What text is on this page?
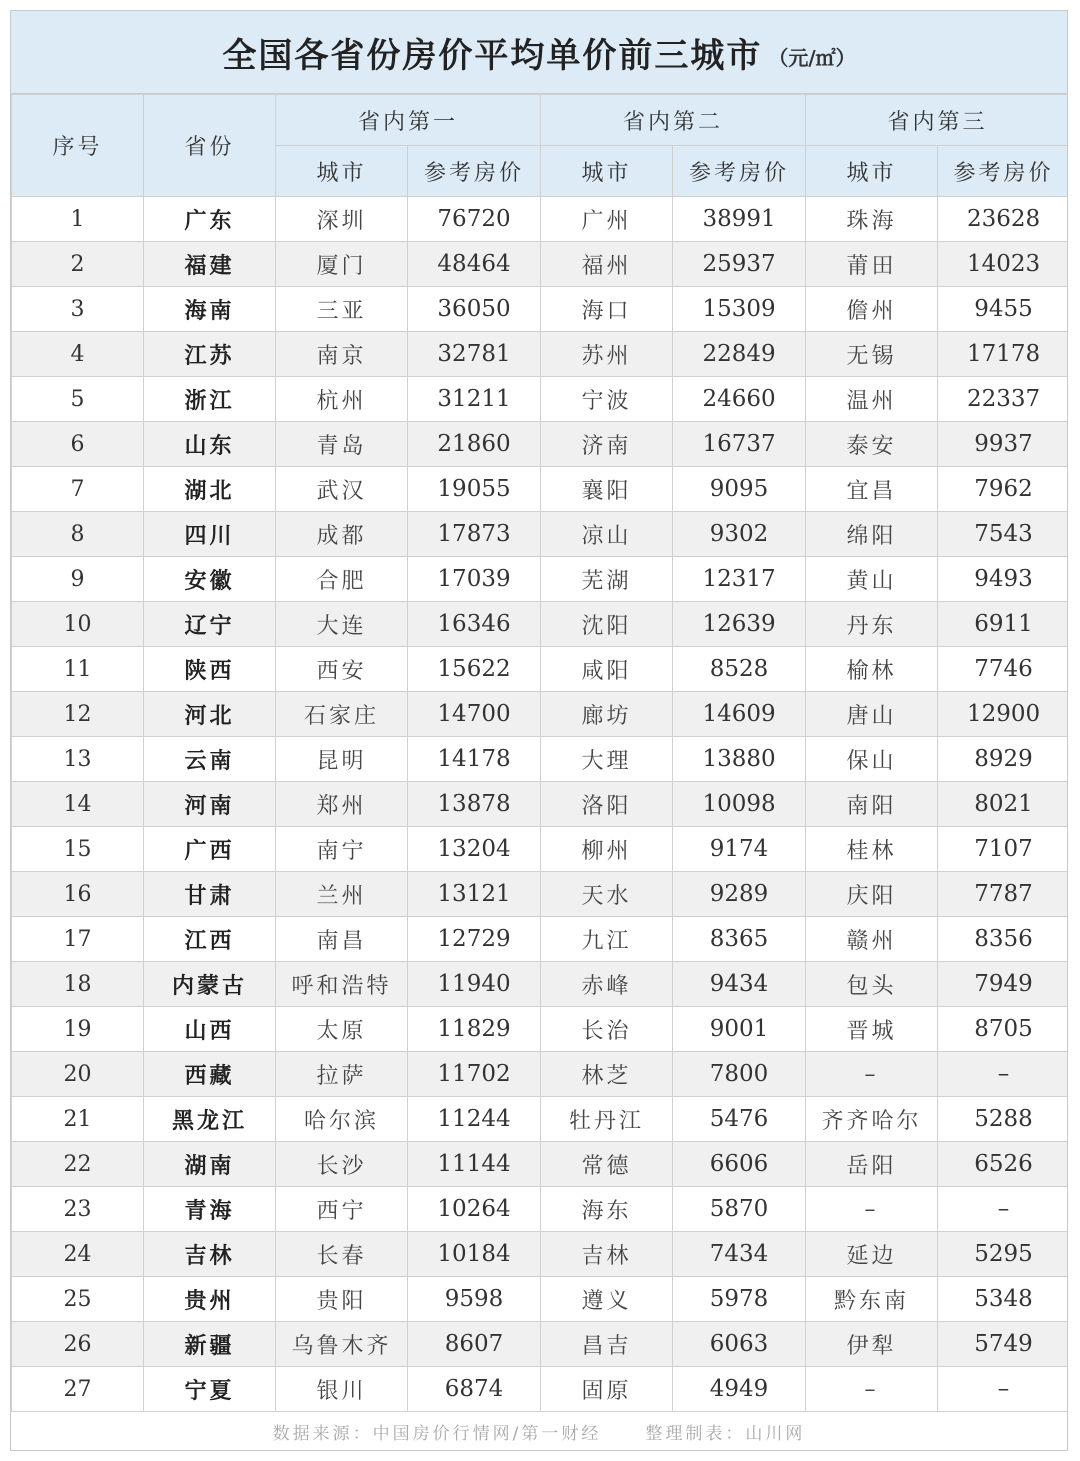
全国各省份房价平均单价前三城市 （元/㎡）
序号	省份	省内第一		省内第二		省内第三	
		城市	参考房价	城市	参考房价	城市	参考房价
1	广东	深圳	76720	广州	38991	珠海	23628
2	福建	厦门	48464	福州	25937	莆田	14023
3	海南	三亚	36050	海口	15309	儋州	9455
4	江苏	南京	32781	苏州	22849	无锡	17178
5	浙江	杭州	31211	宁波	24660	温州	22337
6	山东	青岛	21860	济南	16737	泰安	9937
7	湖北	武汉	19055	襄阳	9095	宜昌	7962
8	四川	成都	17873	凉山	9302	绵阳	7543
9	安徽	合肥	17039	芜湖	12317	黄山	9493
10	辽宁	大连	16346	沈阳	12639	丹东	6911
11	陕西	西安	15622	咸阳	8528	榆林	7746
12	河北	石家庄	14700	廊坊	14609	唐山	12900
13	云南	昆明	14178	大理	13880	保山	8929
14	河南	郑州	13878	洛阳	10098	南阳	8021
15	广西	南宁	13204	柳州	9174	桂林	7107
16	甘肃	兰州	13121	天水	9289	庆阳	7787
17	江西	南昌	12729	九江	8365	赣州	8356
18	内蒙古	呼和浩特	11940	赤峰	9434	包头	7949
19	山西	太原	11829	长治	9001	晋城	8705
20	西藏	拉萨	11702	林芝	7800	–	–
21	黑龙江	哈尔滨	11244	牡丹江	5476	齐齐哈尔	5288
22	湖南	长沙	11144	常德	6606	岳阳	6526
23	青海	西宁	10264	海东	5870	–	–
24	吉林	长春	10184	吉林	7434	延边	5295
25	贵州	贵阳	9598	遵义	5978	黔东南	5348
26	新疆	乌鲁木齐	8607	昌吉	6063	伊犁	5749
27	宁夏	银川	6874	固原	4949	–	–
数据来源：中国房价行情网/第一财经	整理制表：山川网
